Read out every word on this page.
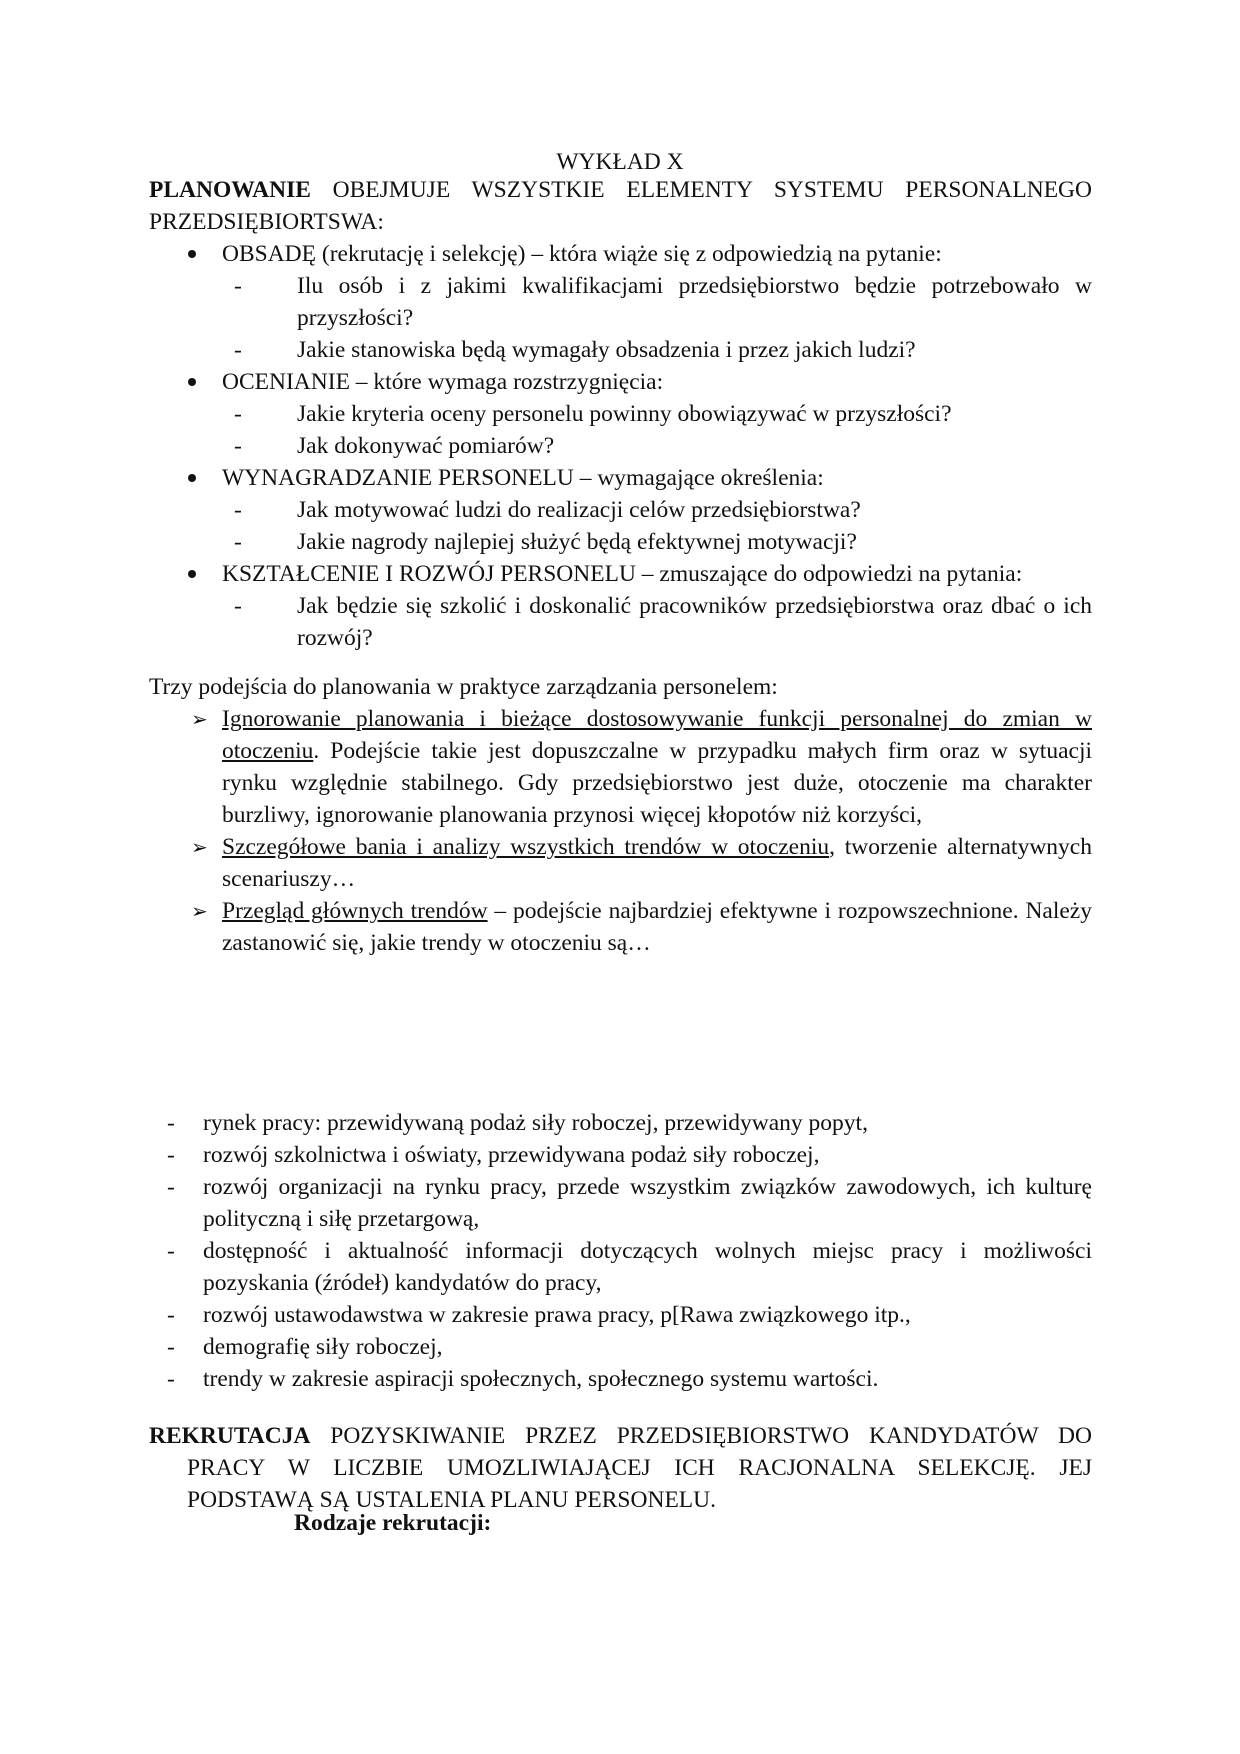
WYKŁAD X
PLANOWANIE OBEJMUJE WSZYSTKIE ELEMENTY SYSTEMU PERSONALNEGO PRZEDSIĘBIORTSWA:
OBSADĘ (rekrutację i selekcję) – która wiąże się z odpowiedzią na pytanie:
- Ilu osób i z jakimi kwalifikacjami przedsiębiorstwo będzie potrzebowało w przyszłości?
- Jakie stanowiska będą wymagały obsadzenia i przez jakich ludzi?
OCENIANIE – które wymaga rozstrzygnięcia:
- Jakie kryteria oceny personelu powinny obowiązywać w przyszłości?
- Jak dokonywać pomiarów?
WYNAGRADZANIE PERSONELU – wymagające określenia:
- Jak motywować ludzi do realizacji celów przedsiębiorstwa?
- Jakie nagrody najlepiej służyć będą efektywnej motywacji?
KSZTAŁCENIE I ROZWÓJ PERSONELU – zmuszające do odpowiedzi na pytania:
- Jak będzie się szkolić i doskonalić pracowników przedsiębiorstwa oraz dbać o ich rozwój?
Trzy podejścia do planowania w praktyce zarządzania personelem:
➢ Ignorowanie planowania i bieżące dostosowywanie funkcji personalnej do zmian w otoczeniu. Podejście takie jest dopuszczalne w przypadku małych firm oraz w sytuacji rynku względnie stabilnego. Gdy przedsiębiorstwo jest duże, otoczenie ma charakter burzliwy, ignorowanie planowania przynosi więcej kłopotów niż korzyści,
➢ Szczegółowe bania i analizy wszystkich trendów w otoczeniu, tworzenie alternatywnych scenariuszy…
➢ Przegląd głównych trendów – podejście najbardziej efektywne i rozpowszechnione. Należy zastanowić się, jakie trendy w otoczeniu są…
- rynek pracy: przewidywaną podaż siły roboczej, przewidywany popyt,
- rozwój szkolnictwa i oświaty, przewidywana podaż siły roboczej,
- rozwój organizacji na rynku pracy, przede wszystkim związków zawodowych, ich kulturę polityczną i siłę przetargową,
- dostępność i aktualność informacji dotyczących wolnych miejsc pracy i możliwości pozyskania (źródeł) kandydatów do pracy,
- rozwój ustawodawstwa w zakresie prawa pracy, p[Rawa związkowego itp.,
- demografię siły roboczej,
- trendy w zakresie aspiracji społecznych, społecznego systemu wartości.
REKRUTACJA POZYSKIWANIE PRZEZ PRZEDSIĘBIORSTWO KANDYDATÓW DO PRACY W LICZBIE UMOZLIWIAJĄCEJ ICH RACJONALNA SELEKCJĘ. JEJ PODSTAWĄ SĄ USTALENIA PLANU PERSONELU.
Rodzaje rekrutacji:
